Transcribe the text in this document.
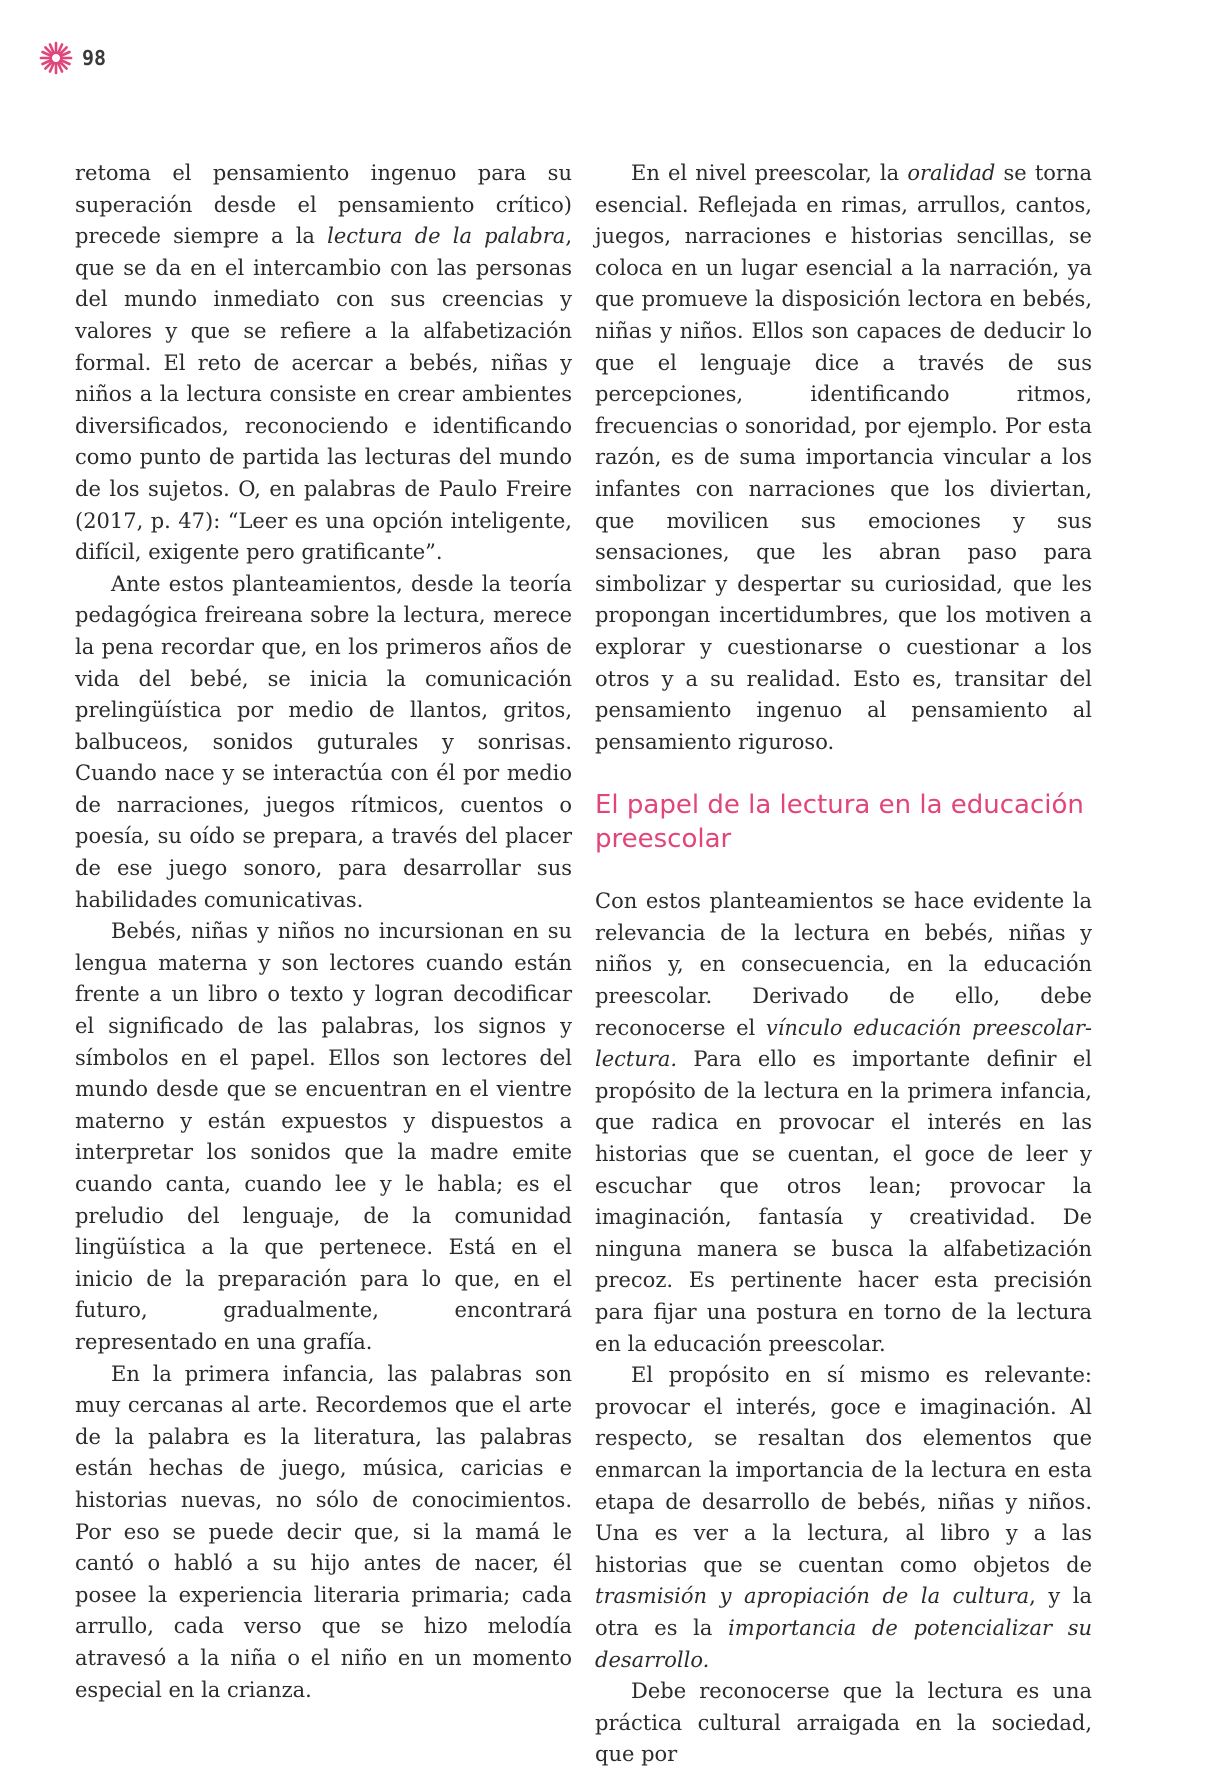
98

retoma el pensamiento ingenuo para su superación desde el pensamiento crítico) precede siempre a la lectura de la palabra, que se da en el intercambio con las personas del mundo inmediato con sus creencias y valores y que se refiere a la alfabetización formal. El reto de acercar a bebés, niñas y niños a la lectura consiste en crear ambientes diversificados, reconociendo e identificando como punto de partida las lecturas del mundo de los sujetos. O, en palabras de Paulo Freire (2017, p. 47): “Leer es una opción inteligente, difícil, exigente pero gratificante”.

Ante estos planteamientos, desde la teoría pedagógica freireana sobre la lectura, merece la pena recordar que, en los primeros años de vida del bebé, se inicia la comunicación prelingüística por medio de llantos, gritos, balbuceos, sonidos guturales y sonrisas. Cuando nace y se interactúa con él por medio de narraciones, juegos rítmicos, cuentos o poesía, su oído se prepara, a través del placer de ese juego sonoro, para desarrollar sus habilidades comunicativas.

Bebés, niñas y niños no incursionan en su lengua materna y son lectores cuando están frente a un libro o texto y logran decodificar el significado de las palabras, los signos y símbolos en el papel. Ellos son lectores del mundo desde que se encuentran en el vientre materno y están expuestos y dispuestos a interpretar los sonidos que la madre emite cuando canta, cuando lee y le habla; es el preludio del lenguaje, de la comunidad lingüística a la que pertenece. Está en el inicio de la preparación para lo que, en el futuro, gradualmente, encontrará representado en una grafía.

En la primera infancia, las palabras son muy cercanas al arte. Recordemos que el arte de la palabra es la literatura, las palabras están hechas de juego, música, caricias e historias nuevas, no sólo de conocimientos. Por eso se puede decir que, si la mamá le cantó o habló a su hijo antes de nacer, él posee la experiencia literaria primaria; cada arrullo, cada verso que se hizo melodía atravesó a la niña o el niño en un momento especial en la crianza.

En el nivel preescolar, la oralidad se torna esencial. Reflejada en rimas, arrullos, cantos, juegos, narraciones e historias sencillas, se coloca en un lugar esencial a la narración, ya que promueve la disposición lectora en bebés, niñas y niños. Ellos son capaces de deducir lo que el lenguaje dice a través de sus percepciones, identificando ritmos, frecuencias o sonoridad, por ejemplo. Por esta razón, es de suma importancia vincular a los infantes con narraciones que los diviertan, que movilicen sus emociones y sus sensaciones, que les abran paso para simbolizar y despertar su curiosidad, que les propongan incertidumbres, que los motiven a explorar y cuestionarse o cuestionar a los otros y a su realidad. Esto es, transitar del pensamiento ingenuo al pensamiento al pensamiento riguroso.

El papel de la lectura en la educación preescolar

Con estos planteamientos se hace evidente la relevancia de la lectura en bebés, niñas y niños y, en consecuencia, en la educación preescolar. Derivado de ello, debe reconocerse el vínculo educación preescolar-lectura. Para ello es importante definir el propósito de la lectura en la primera infancia, que radica en provocar el interés en las historias que se cuentan, el goce de leer y escuchar que otros lean; provocar la imaginación, fantasía y creatividad. De ninguna manera se busca la alfabetización precoz. Es pertinente hacer esta precisión para fijar una postura en torno de la lectura en la educación preescolar.

El propósito en sí mismo es relevante: provocar el interés, goce e imaginación. Al respecto, se resaltan dos elementos que enmarcan la importancia de la lectura en esta etapa de desarrollo de bebés, niñas y niños. Una es ver a la lectura, al libro y a las historias que se cuentan como objetos de trasmisión y apropiación de la cultura, y la otra es la importancia de potencializar su desarrollo.

Debe reconocerse que la lectura es una práctica cultural arraigada en la sociedad, que por
